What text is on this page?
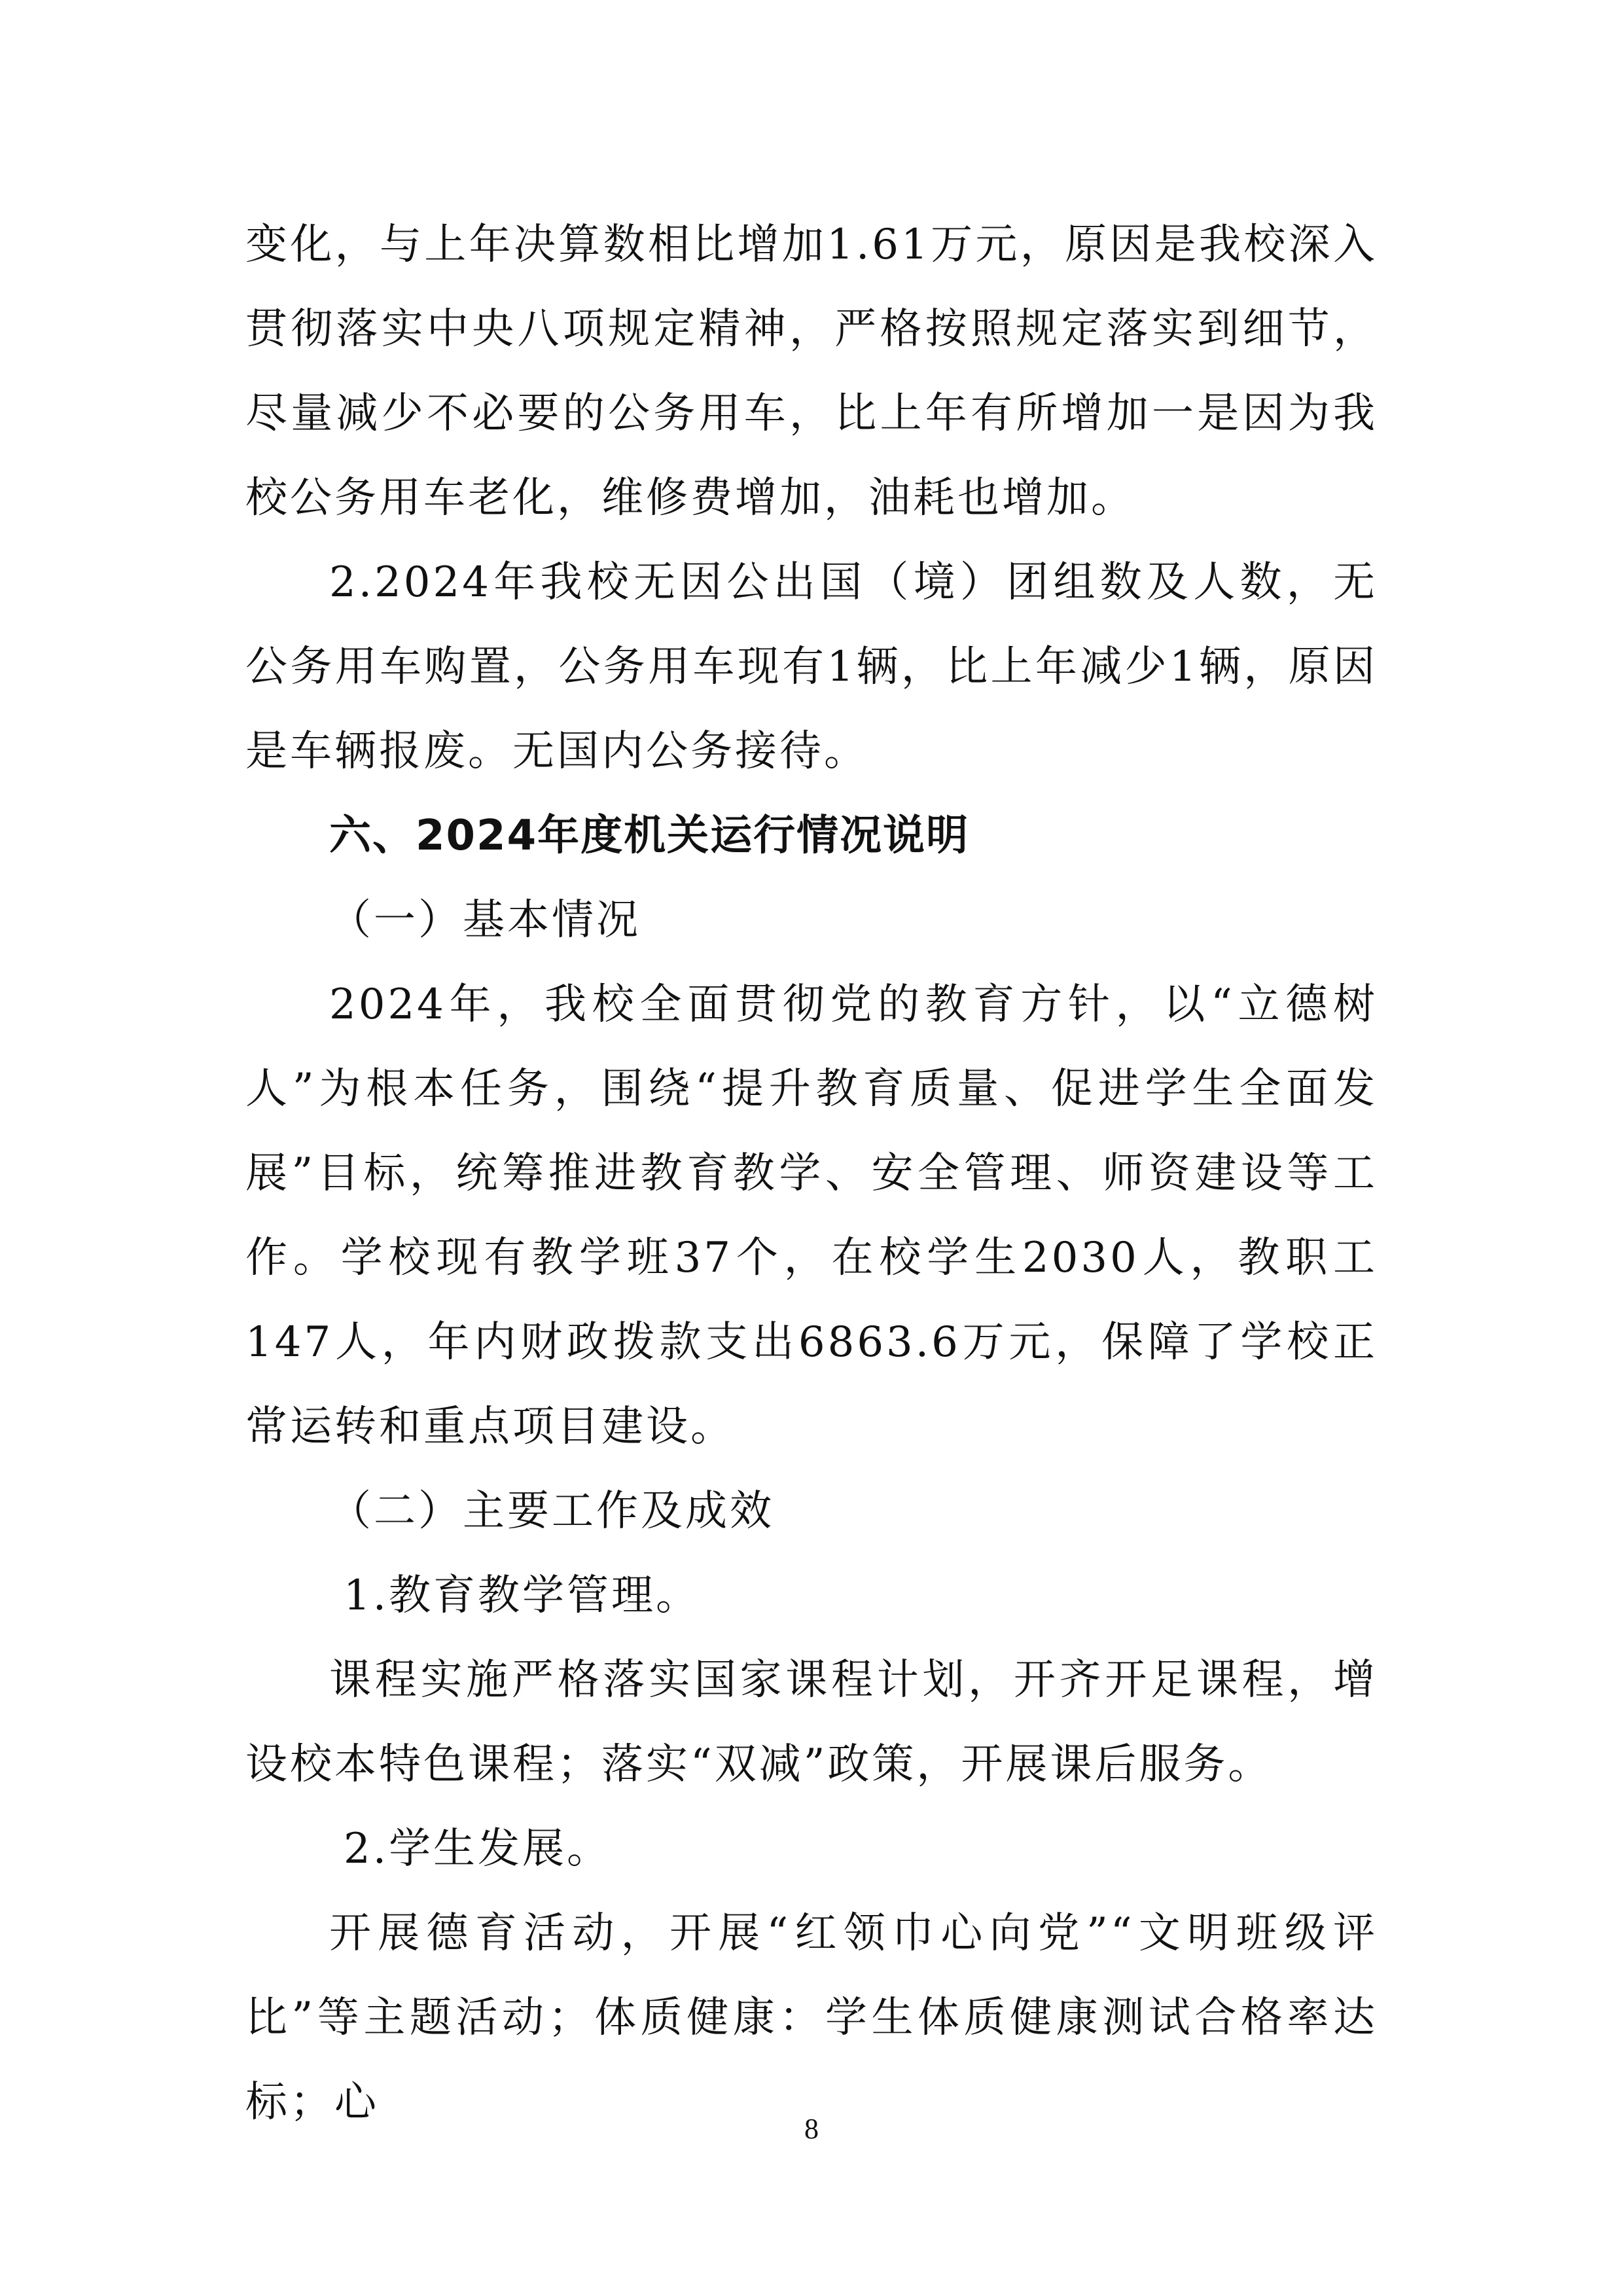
变化，与上年决算数相比增加1.61万元，原因是我校深入贯彻落实中央八项规定精神，严格按照规定落实到细节，尽量减少不必要的公务用车，比上年有所增加一是因为我校公务用车老化，维修费增加，油耗也增加。

2.2024年我校无因公出国（境）团组数及人数，无公务用车购置，公务用车现有1辆，比上年减少1辆，原因是车辆报废。无国内公务接待。

六、2024年度机关运行情况说明

（一）基本情况

2024年，我校全面贯彻党的教育方针，以“立德树人”为根本任务，围绕“提升教育质量、促进学生全面发展”目标，统筹推进教育教学、安全管理、师资建设等工作。学校现有教学班37个，在校学生2030人，教职工147人，年内财政拨款支出6863.6万元，保障了学校正常运转和重点项目建设。

（二）主要工作及成效

1.教育教学管理。

课程实施严格落实国家课程计划，开齐开足课程，增设校本特色课程；落实“双减”政策，开展课后服务。

2.学生发展。

开展德育活动，开展“红领巾心向党”“文明班级评比”等主题活动；体质健康：学生体质健康测试合格率达标；心

8
